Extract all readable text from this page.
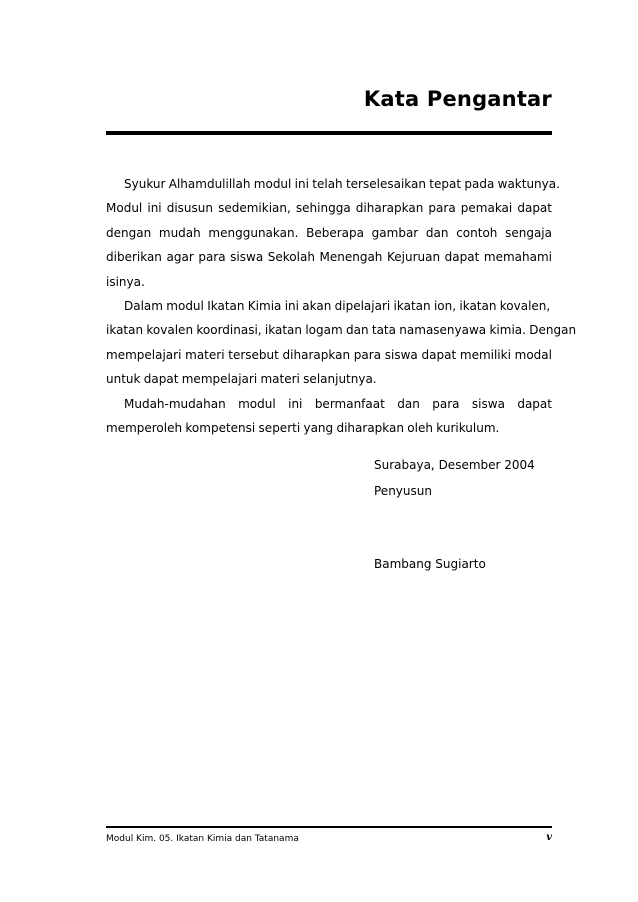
Kata Pengantar
Syukur Alhamdulillah modul ini telah terselesaikan tepat pada waktunya.
Modul ini disusun sedemikian, sehingga diharapkan para pemakai dapat
dengan mudah menggunakan. Beberapa gambar dan contoh sengaja
diberikan agar para siswa Sekolah Menengah Kejuruan dapat memahami
isinya.
Dalam modul Ikatan Kimia ini akan dipelajari ikatan ion, ikatan kovalen,
ikatan kovalen koordinasi, ikatan logam dan tata namasenyawa kimia. Dengan
mempelajari materi tersebut diharapkan para siswa dapat memiliki modal
untuk dapat mempelajari materi selanjutnya.
Mudah-mudahan modul ini bermanfaat dan para siswa dapat
memperoleh kompetensi seperti yang diharapkan oleh kurikulum.
Surabaya, Desember 2004
Penyusun
Bambang Sugiarto
Modul Kim. 05. Ikatan Kimia dan Tatanama	v
